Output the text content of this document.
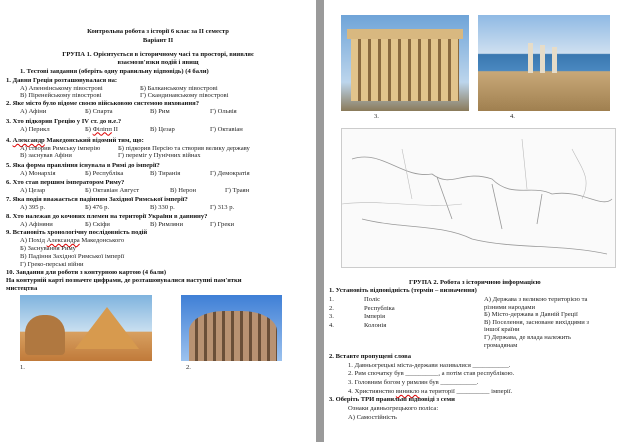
Контрольна робота з історії 6 клас за II семестр
Варіант II
ГРУПА 1. Орієнтується в історичному часі та просторі, виявляє
взаємозв'язки подій і явищ
1. Тестові завдання (оберіть одну правильну відповідь) (4 бали)
9. Встановіть хронологічну послідовність подій
А) Похід Александра Македонського
Б) Заснування Риму
В) Падіння Західної Римської імперії
Г) Греко-перські війни
10. Завдання для роботи з контурною картою (4 бали)
На контурній карті позначте цифрами, де розташовувалися наступні пам'ятки
мистецтва
1.	2.
1. Давня Греція розташовувалася на:
А) Апеннінському півострові	Б) Балканському півострові
В) Піренейському півострові	Г) Скандинавському півострові
2. Яке місто було відоме своєю військовою системою виховання?
А) Афіни	Б) Спарта	В) Рим	Г) Ольвія
3. Хто підкорив Грецію у IV ст. до н.е.?
А) Перикл	Б) Філіпп II	В) Цезар	Г) Октавіан
4. Александр Македонський відомий тим, що:
А) створив Римську імперію	Б) підкорив Персію та створив велику державу
В) заснував Афіни	Г) переміг у Пунічних війнах
5. Яка форма правління існувала в Римі до імперії?
А) Монархія	Б) Республіка	В) Тиранія	Г) Демократія
6. Хто став першим імператором Риму?
А) Цезар	Б) Октавіан Август	В) Нерон	Г) Траян
7. Яка подія вважається падінням Західної Римської імперії?
А) 395 р.	Б) 476 р.	В) 330 р.	Г) 313 р.
8. Хто належав до кочових племен на території України в давнину?
А) Афіняни	Б) Скіфи	В) Римляни	Г) Греки
3.	4.
ГРУПА 2. Робота з історичною інформацією
1. Установіть відповідність (термін – визначення)
2. Вставте пропущені слова
1. Давньогрецькі міста-держави називалися ___________.
2. Рим спочатку був __________, а потім став республікою.
3. Головним богом у римлян був ___________.
4. Християнство виникло на території __________ імперії.
3. Оберіть ТРИ правильні відповіді з семи
Ознаки давньогрецького поліса:
А) Самостійність
1.	Поліс
2.	Республіка
3.	Імперія
4.	Колонія
А) Держава з великою територією та
різними народами
Б) Місто-держава в Давній Греції
В) Поселення, засноване вихідцями з
іншої країни
Г) Держава, де влада належить
громадянам
